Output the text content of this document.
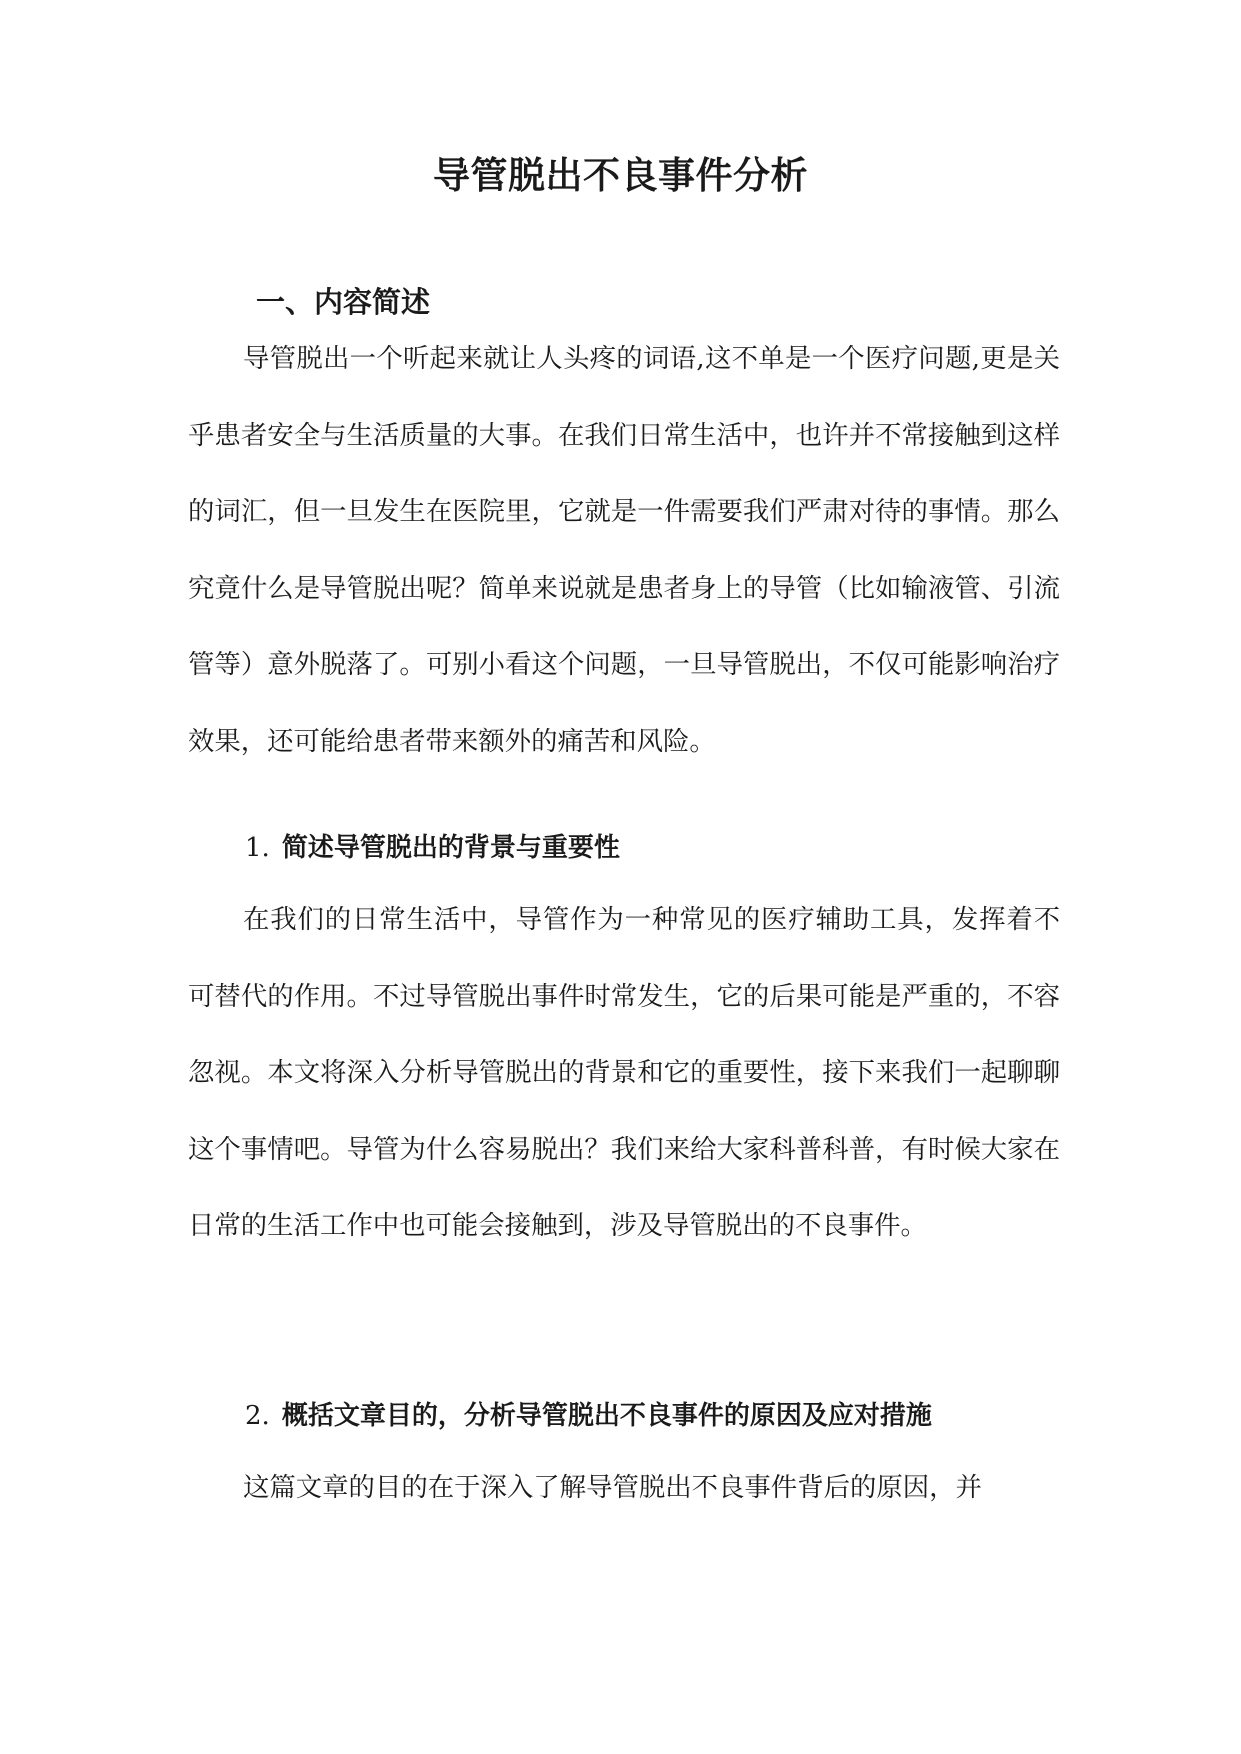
导管脱出不良事件分析
一、内容简述

导管脱出一个听起来就让人头疼的词语,这不单是一个医疗问题,更是关乎患者安全与生活质量的大事。在我们日常生活中，也许并不常接触到这样的词汇，但一旦发生在医院里，它就是一件需要我们严肃对待的事情。那么究竟什么是导管脱出呢？简单来说就是患者身上的导管（比如输液管、引流管等）意外脱落了。可别小看这个问题，一旦导管脱出，不仅可能影响治疗效果，还可能给患者带来额外的痛苦和风险。

1. 简述导管脱出的背景与重要性

在我们的日常生活中，导管作为一种常见的医疗辅助工具，发挥着不可替代的作用。不过导管脱出事件时常发生，它的后果可能是严重的，不容忽视。本文将深入分析导管脱出的背景和它的重要性，接下来我们一起聊聊这个事情吧。导管为什么容易脱出？我们来给大家科普科普，有时候大家在日常的生活工作中也可能会接触到，涉及导管脱出的不良事件。

2. 概括文章目的，分析导管脱出不良事件的原因及应对措施

这篇文章的目的在于深入了解导管脱出不良事件背后的原因，并
